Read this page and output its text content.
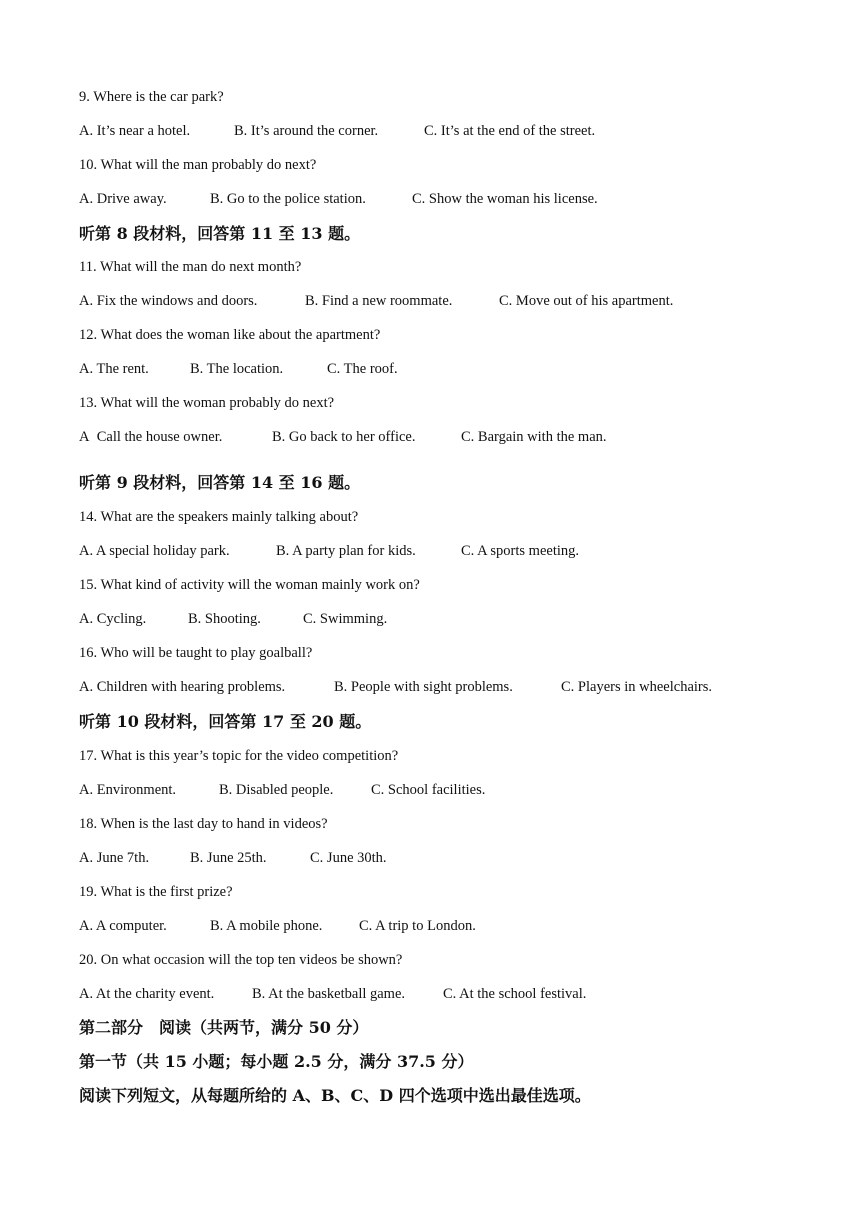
9. Where is the car park?
A. It’s near a hotel.	B. It’s around the corner.	C. It’s at the end of the street.
10. What will the man probably do next?
A. Drive away.	B. Go to the police station.	C. Show the woman his license.
听第 8 段材料，回答第 11 至 13 题。
11. What will the man do next month?
A. Fix the windows and doors.	B. Find a new roommate.	C. Move out of his apartment.
12. What does the woman like about the apartment?
A. The rent.	B. The location.	C. The roof.
13. What will the woman probably do next?
A  Call the house owner.	B. Go back to her office.	C. Bargain with the man.
听第 9 段材料，回答第 14 至 16 题。
14. What are the speakers mainly talking about?
A. A special holiday park.	B. A party plan for kids.	C. A sports meeting.
15. What kind of activity will the woman mainly work on?
A. Cycling.	B. Shooting.	C. Swimming.
16. Who will be taught to play goalball?
A. Children with hearing problems.	B. People with sight problems.	C. Players in wheelchairs.
听第 10 段材料，回答第 17 至 20 题。
17. What is this year’s topic for the video competition?
A. Environment.	B. Disabled people.	C. School facilities.
18. When is the last day to hand in videos?
A. June 7th.	B. June 25th.	C. June 30th.
19. What is the first prize?
A. A computer.	B. A mobile phone.	C. A trip to London.
20. On what occasion will the top ten videos be shown?
A. At the charity event.	B. At the basketball game.	C. At the school festival.
第二部分　阅读（共两节，满分 50 分）
第一节（共 15 小题；每小题 2.5 分，满分 37.5 分）
阅读下列短文，从每题所给的 A、B、C、D 四个选项中选出最佳选项。
